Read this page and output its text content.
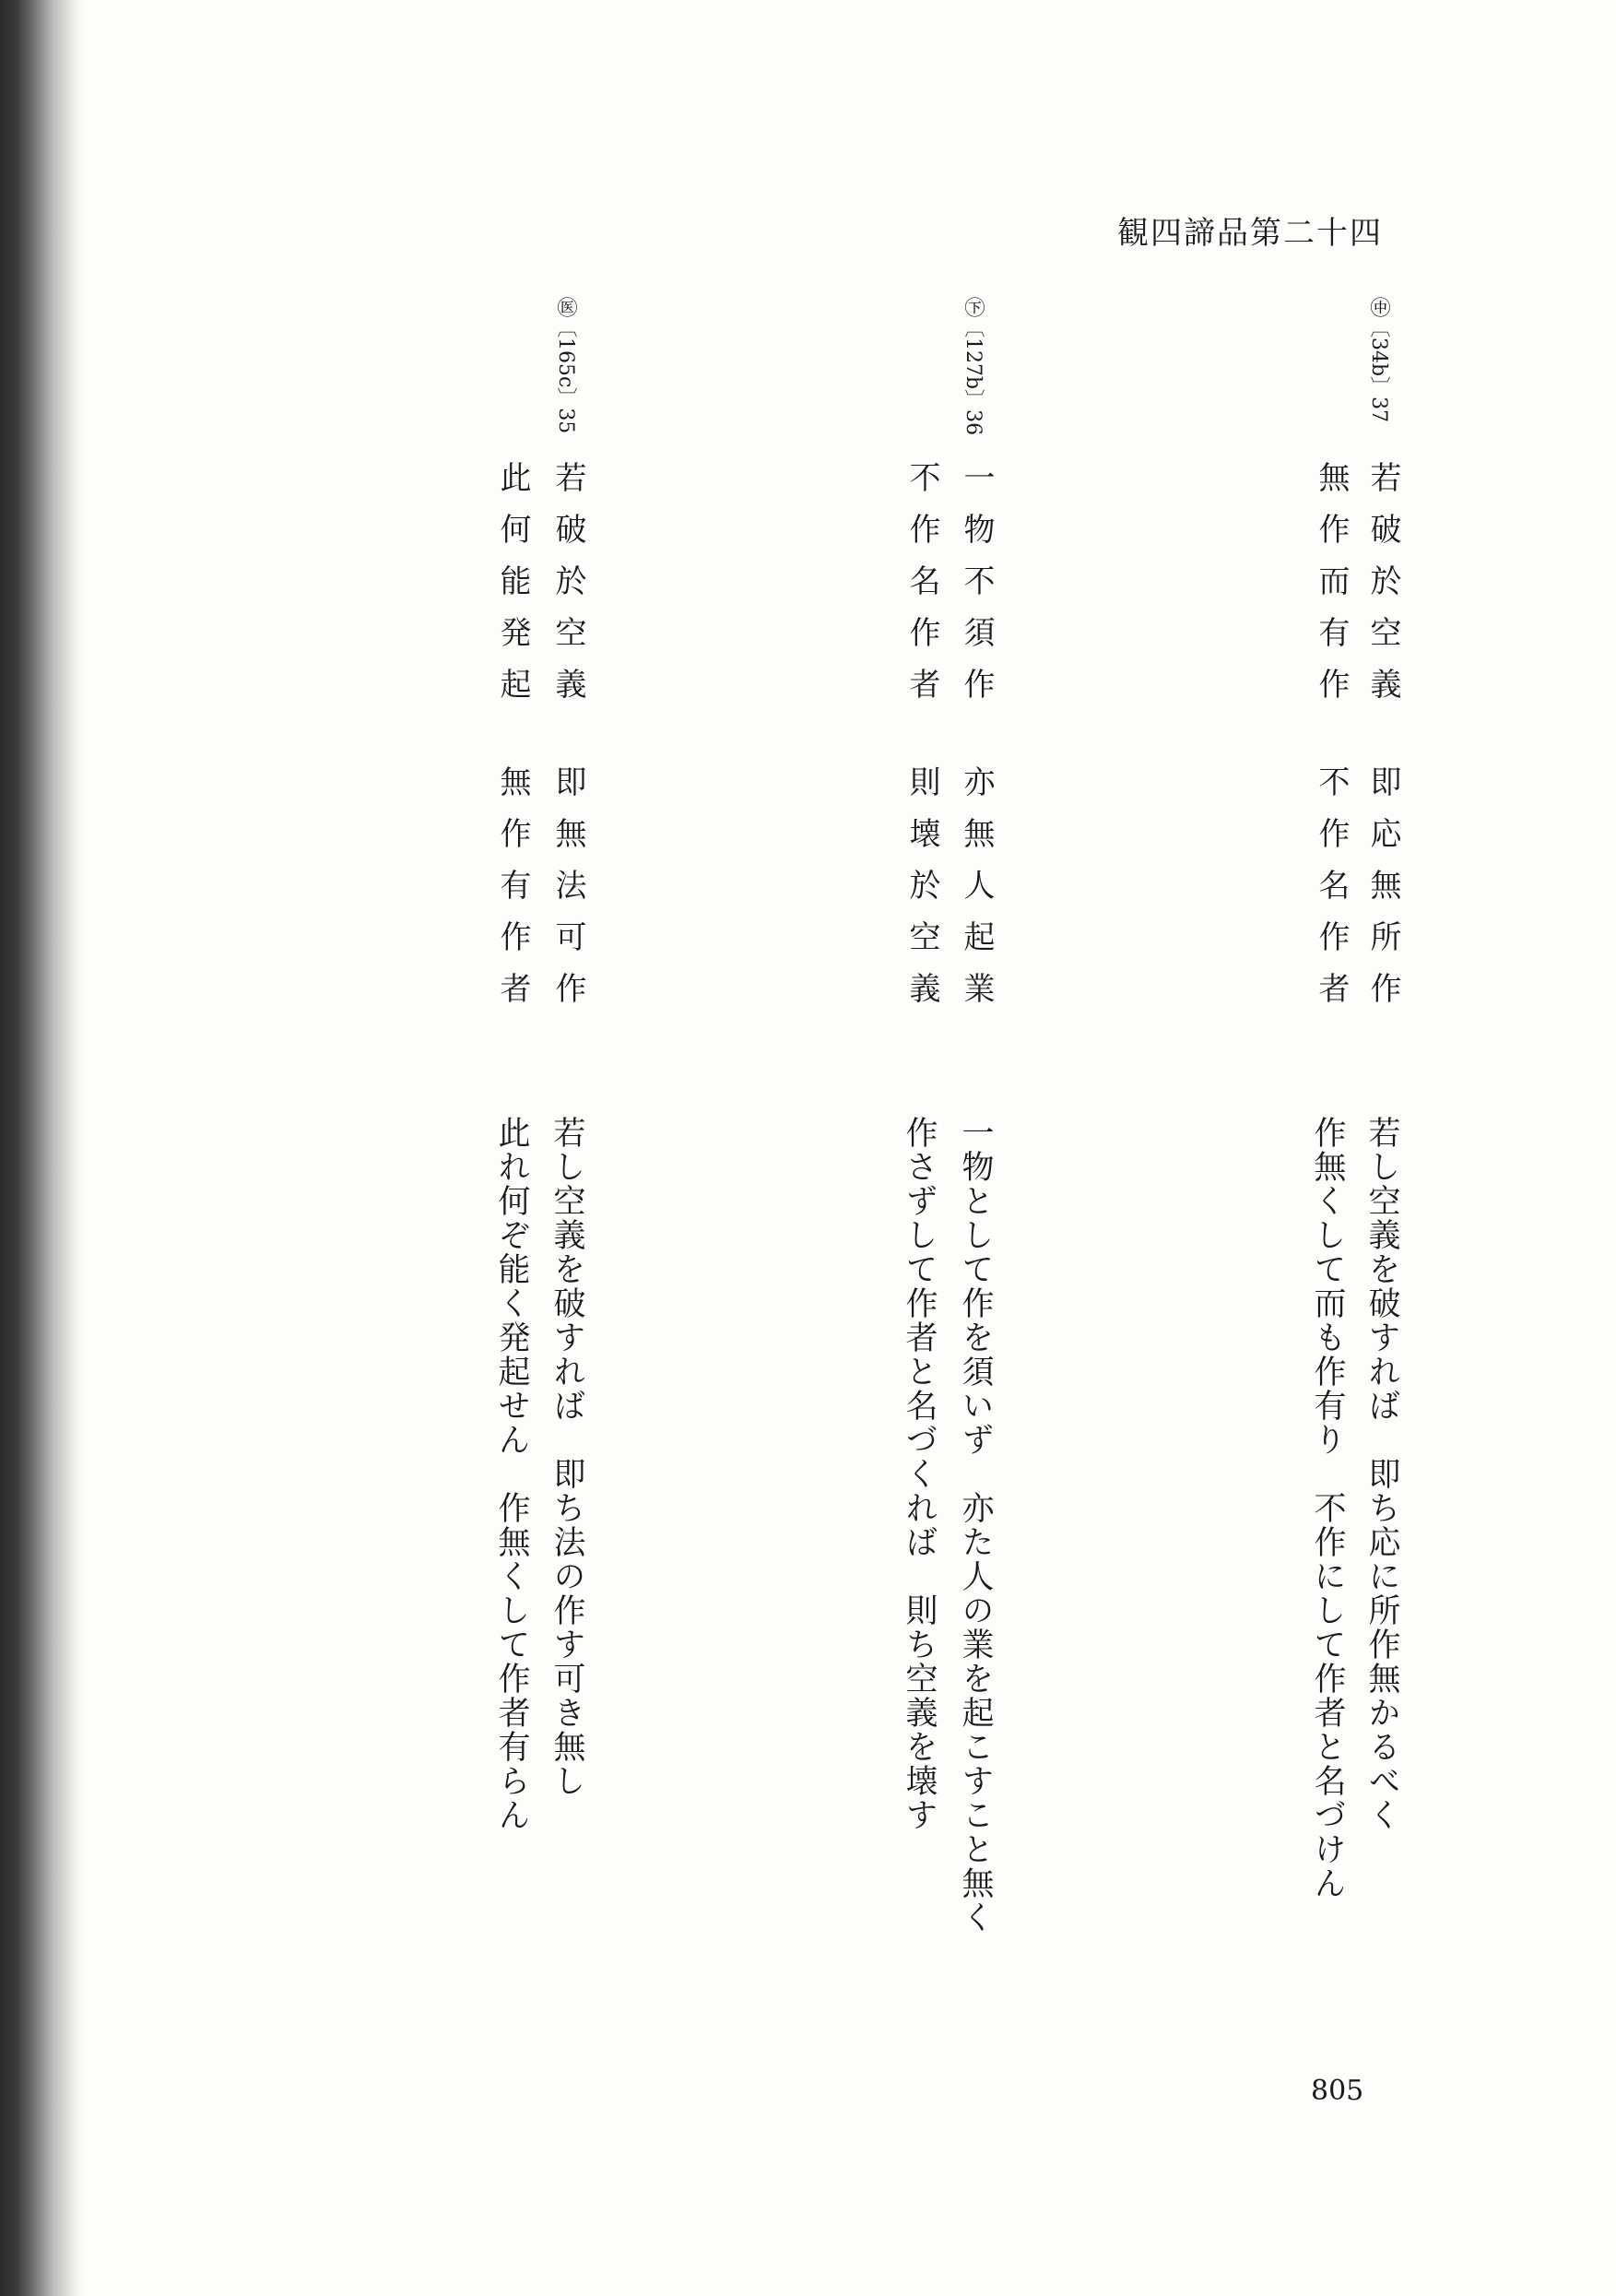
観四諦品第二十四

㊥〔34b〕37

若破於空義

即応無所作

無作而有作

不作名作者

若し空義を破すれば　即ち応に所作無かるべく

作無くして而も作有り　不作にして作者と名づけん

㊦〔127b〕36

一物不須作

亦無人起業

不作名作者

則壊於空義

一物として作を須いず　亦た人の業を起こすこと無く

作さずして作者と名づくれば　則ち空義を壊す

㊩〔165c〕35

若破於空義

即無法可作

此何能発起

無作有作者

若し空義を破すれば　即ち法の作す可き無し

此れ何ぞ能く発起せん　作無くして作者有らん

805
